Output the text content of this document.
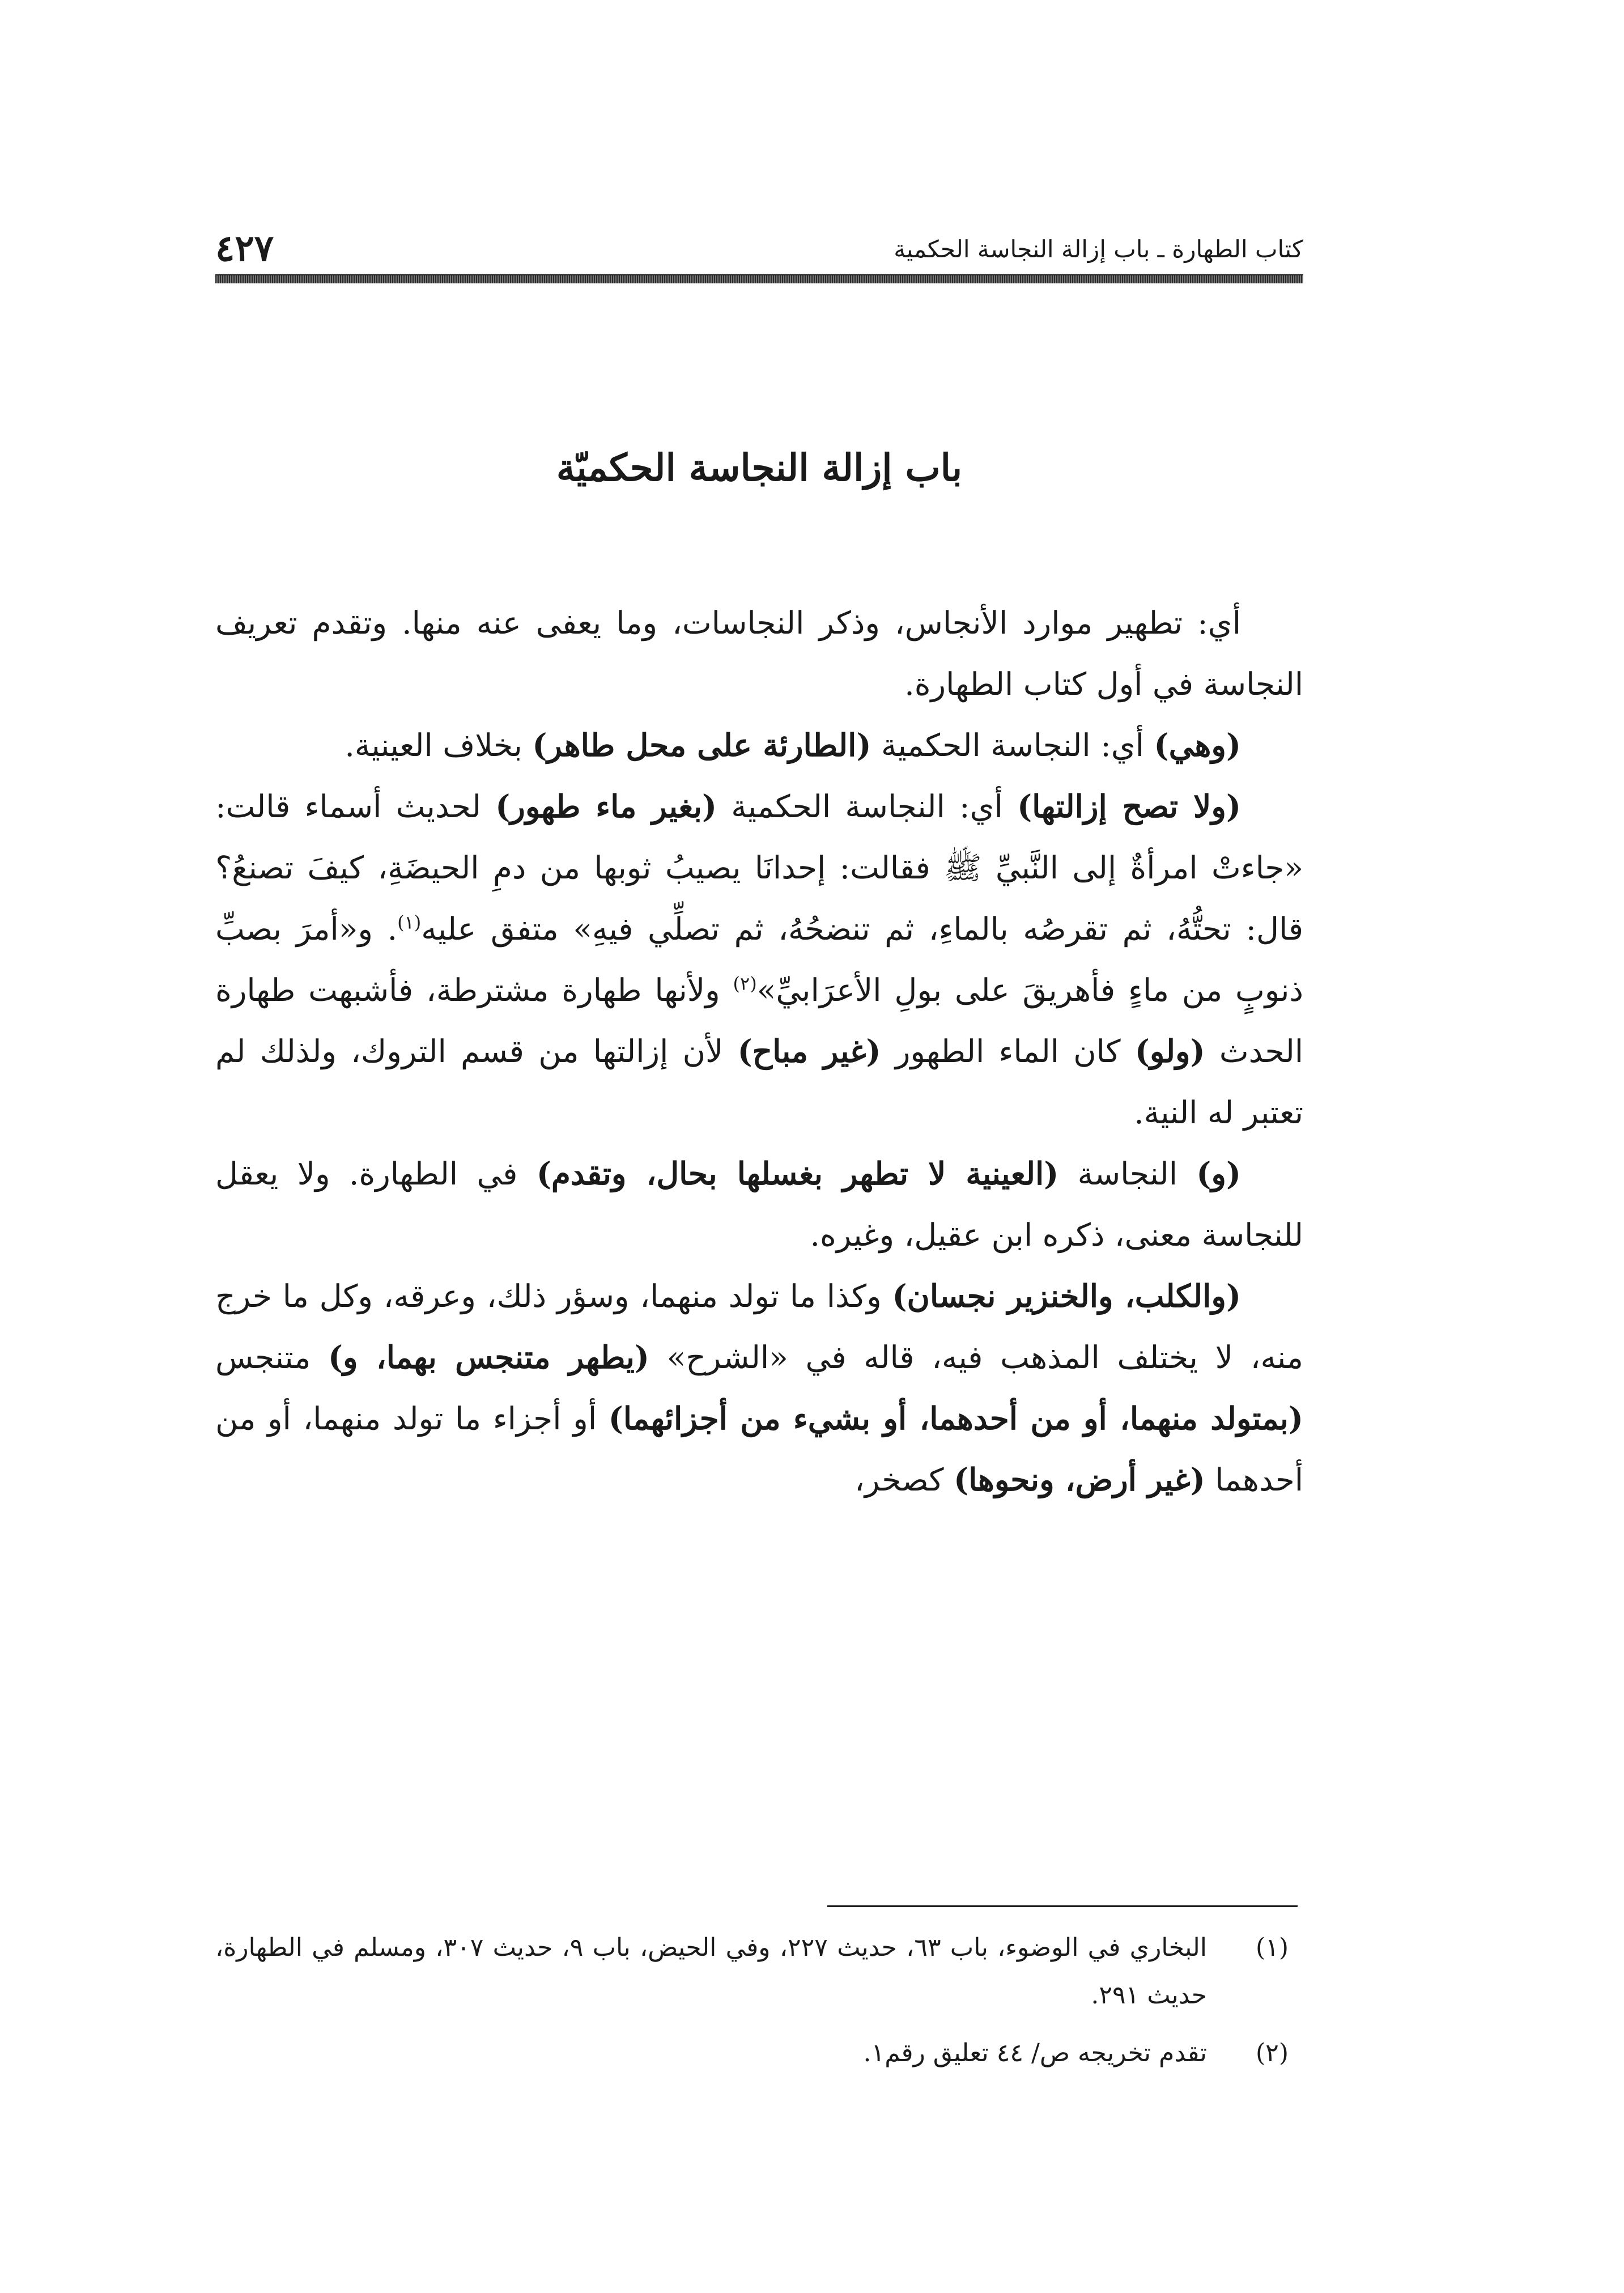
كتاب الطهارة ـ باب إزالة النجاسة الحكمية
٤٢٧
باب إزالة النجاسة الحكميّة

أي: تطهير موارد الأنجاس، وذكر النجاسات، وما يعفى عنه منها. وتقدم تعريف النجاسة في أول كتاب الطهارة.

(وهي) أي: النجاسة الحكمية (الطارئة على محل طاهر) بخلاف العينية.

(ولا تصح إزالتها) أي: النجاسة الحكمية (بغير ماء طهور) لحديث أسماء قالت: «جاءتْ امرأةٌ إلى النَّبيِّ ﷺ فقالت: إحدانَا يصيبُ ثوبها من دمِ الحيضَةِ، كيفَ تصنعُ؟ قال: تحتُّهُ، ثم تقرصُه بالماءِ، ثم تنضحُهُ، ثم تصلِّي فيهِ» متفق عليه$^{(١)}$. و«أمرَ بصبِّ ذنوبٍ من ماءٍ فأهريقَ على بولِ الأعرَابيِّ»$^{(٢)}$ ولأنها طهارة مشترطة، فأشبهت طهارة الحدث (ولو) كان الماء الطهور (غير مباح) لأن إزالتها من قسم التروك، ولذلك لم تعتبر له النية.

(و) النجاسة (العينية لا تطهر بغسلها بحال، وتقدم) في الطهارة. ولا يعقل للنجاسة معنى، ذكره ابن عقيل، وغيره.

(والكلب، والخنزير نجسان) وكذا ما تولد منهما، وسؤر ذلك، وعرقه، وكل ما خرج منه، لا يختلف المذهب فيه، قاله في «الشرح» (يطهر متنجس بهما، و) متنجس (بمتولد منهما، أو من أحدهما، أو بشيء من أجزائهما) أو أجزاء ما تولد منهما، أو من أحدهما (غير أرض، ونحوها) كصخر،

(١)
البخاري في الوضوء، باب ٦٣، حديث ٢٢٧، وفي الحيض، باب ٩، حديث ٣٠٧، ومسلم في الطهارة، حديث ٢٩١.
(٢)
تقدم تخريجه ص/ ٤٤ تعليق رقم١.
